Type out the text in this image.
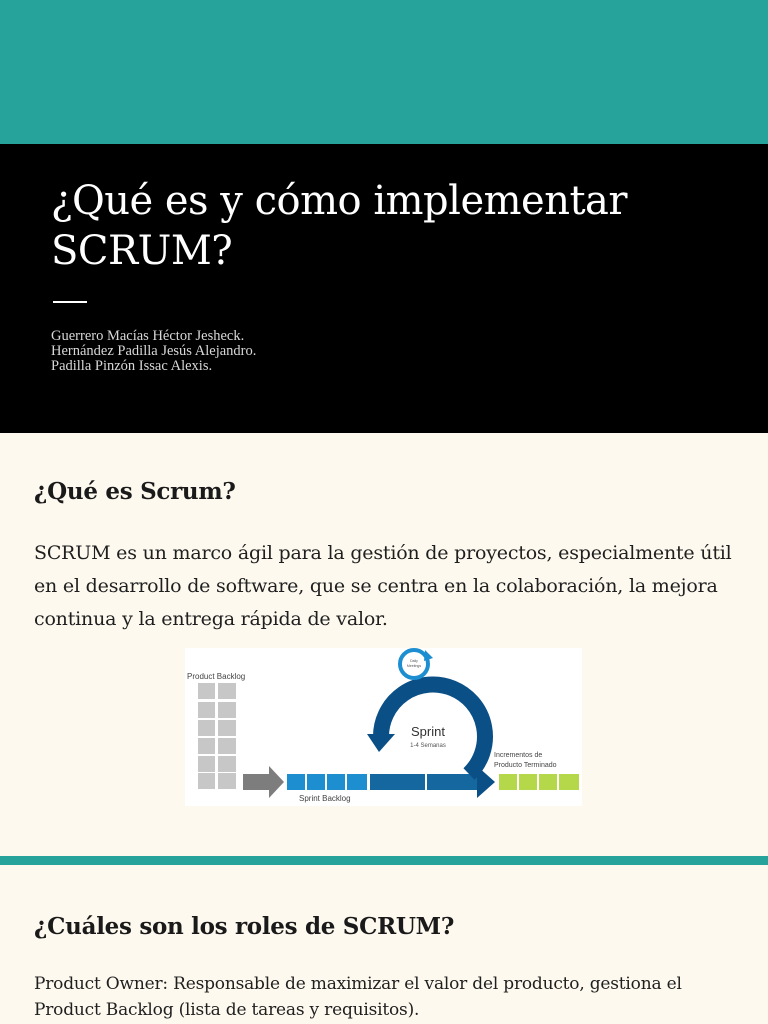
¿Qué es y cómo implementar
SCRUM?
Guerrero Macías Héctor Jesheck.
Hernández Padilla Jesús Alejandro.
Padilla Pinzón Issac Alexis.
¿Qué es Scrum?

SCRUM es un marco ágil para la gestión de proyectos, especialmente útil en el desarrollo de software, que se centra en la colaboración, la mejora continua y la entrega rápida de valor.

Product Backlog
Sprint Backlog
Daily
Meetings
Sprint
1-4 Semanas
Incrementos de
Producto Terminado
¿Cuáles son los roles de SCRUM?

Product Owner: Responsable de maximizar el valor del producto, gestiona el Product Backlog (lista de tareas y requisitos).
